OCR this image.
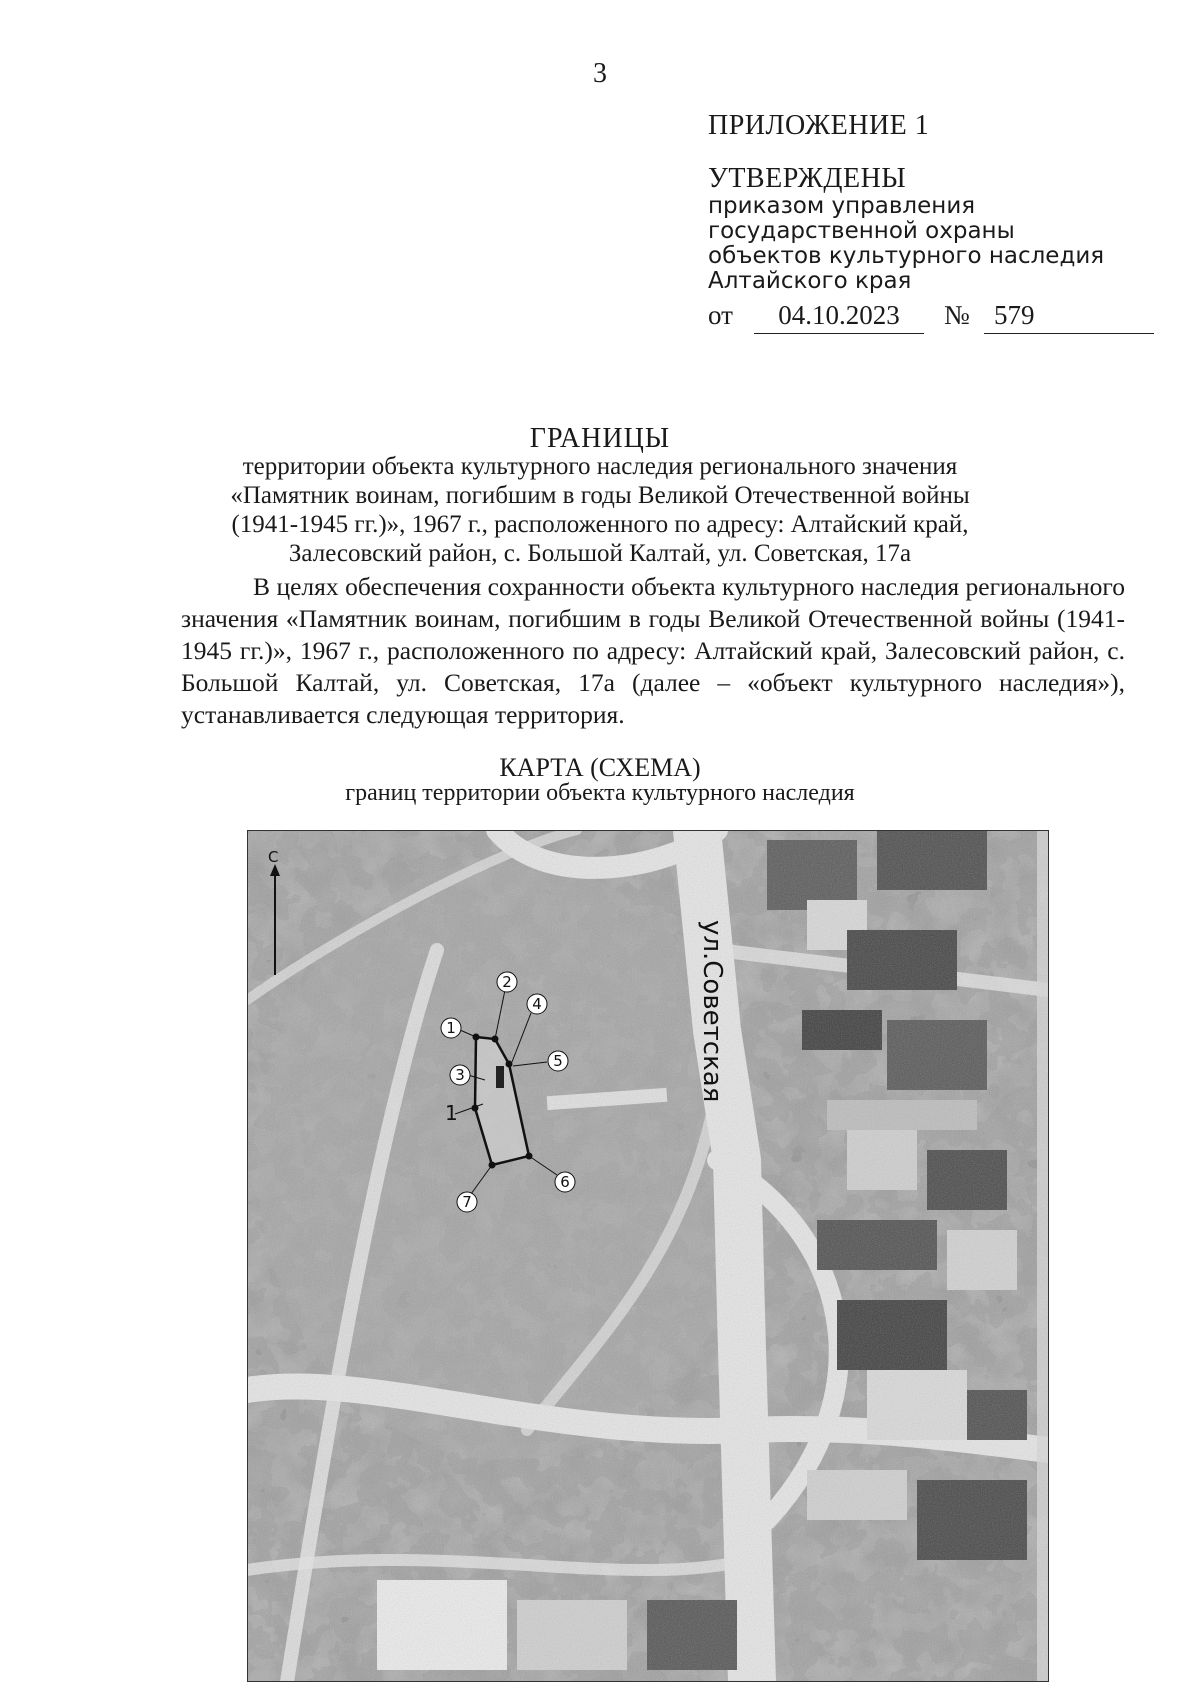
3
ПРИЛОЖЕНИЕ 1
УТВЕРЖДЕНЫ
приказом управления
государственной охраны
объектов культурного наследия
Алтайского края
от	04.10.2023	№ 579
ГРАНИЦЫ
территории объекта культурного наследия регионального значения
«Памятник воинам, погибшим в годы Великой Отечественной войны
(1941-1945 гг.)», 1967 г., расположенного по адресу: Алтайский край,
Залесовский район, с. Большой Калтай, ул. Советская, 17а
В целях обеспечения сохранности объекта культурного наследия регионального значения «Памятник воинам, погибшим в годы Великой Отечественной войны (1941-1945 гг.)», 1967 г., расположенного по адресу: Алтайский край, Залесовский район, с. Большой Калтай, ул. Советская, 17а (далее – «объект культурного наследия»), устанавливается следующая территория.
КАРТА (СХЕМА)
границ территории объекта культурного наследия
С
ул.Советская
1
2
3
4
5
6
7
1
